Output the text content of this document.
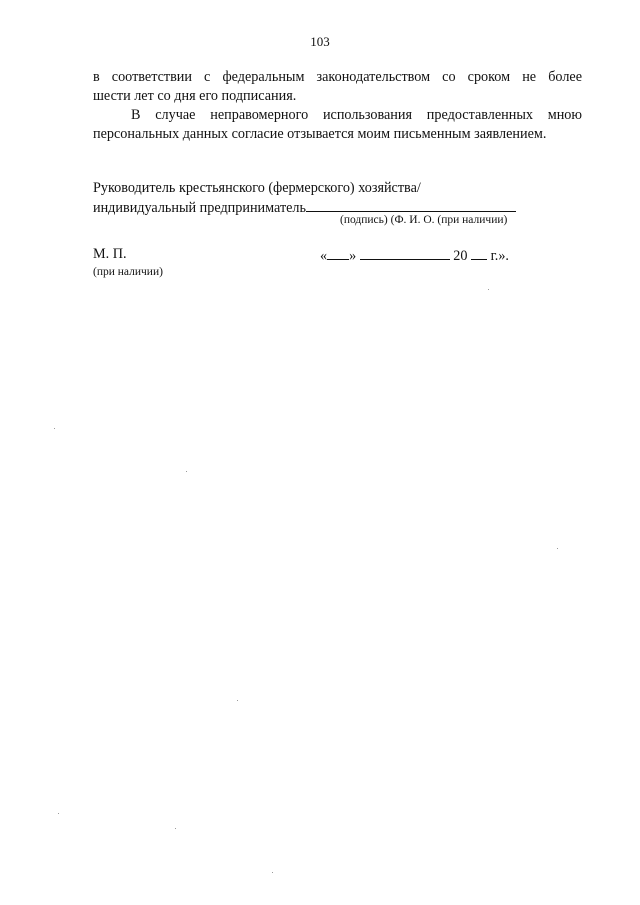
103
в соответствии с федеральным законодательством со сроком не более
шести лет со дня его подписания.
В случае неправомерного использования предоставленных мною
персональных данных согласие отзывается моим письменным заявлением.
Руководитель крестьянского (фермерского) хозяйства/
индивидуальный предприниматель
(подпись) (Ф. И. О. (при наличии)
М. П.
(при наличии)
« »	20 г.».
